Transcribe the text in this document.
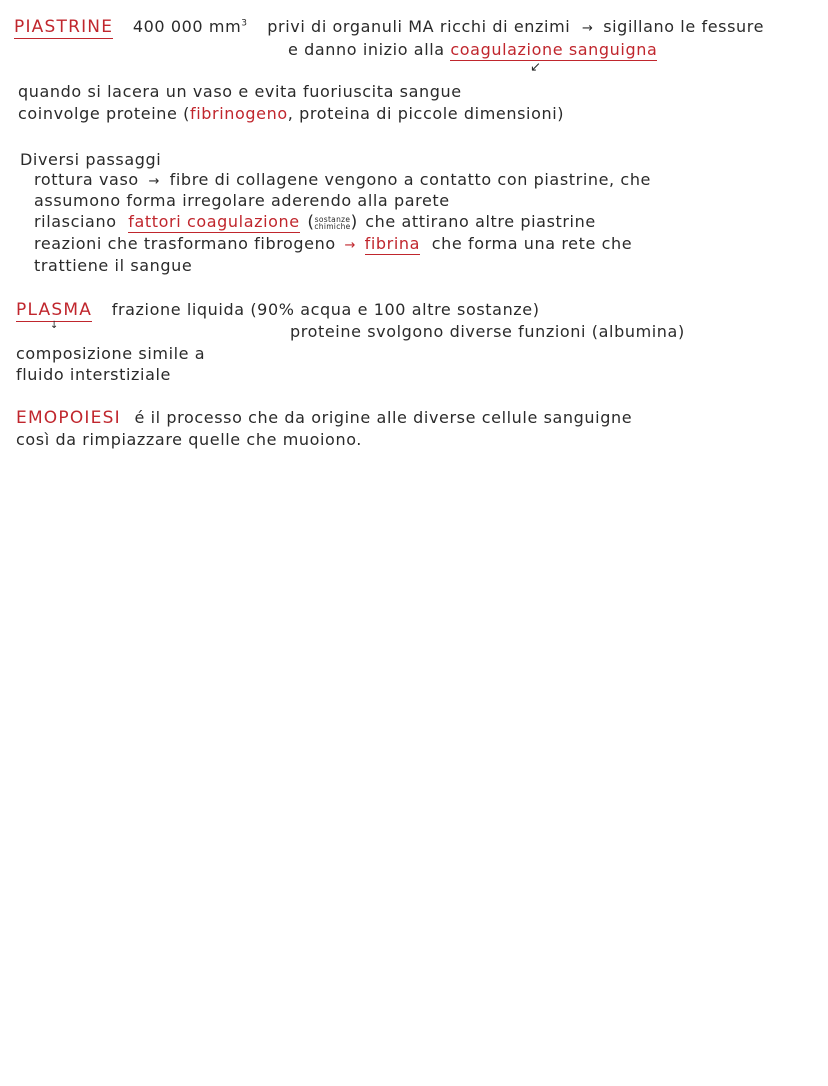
PIASTRINE 400 000 $mm^3$ privi di organuli MA ricchi di enzimi → sigillano le fessure
e danno inizio alla coagulazione sanguigna
↙
quando si lacera un vaso e evita fuoriuscita sangue
coinvolge proteine (fibrinogeno, proteina di piccole dimensioni)
Diversi passaggi
rottura vaso → fibre di collagene vengono a contatto con piastrine, che
assumono forma irregolare aderendo alla parete
rilasciano fattori coagulazione (sostanze
chimiche) che attirano altre piastrine
reazioni che trasformano fibrogeno → fibrina che forma una rete che
trattiene il sangue
PLASMA frazione liquida (90% acqua e 100 altre sostanze)
↓	proteine svolgono diverse funzioni (albumina)
composizione simile a
fluido interstiziale
EMOPOIESI é il processo che da origine alle diverse cellule sanguigne
così da rimpiazzare quelle che muoiono.
